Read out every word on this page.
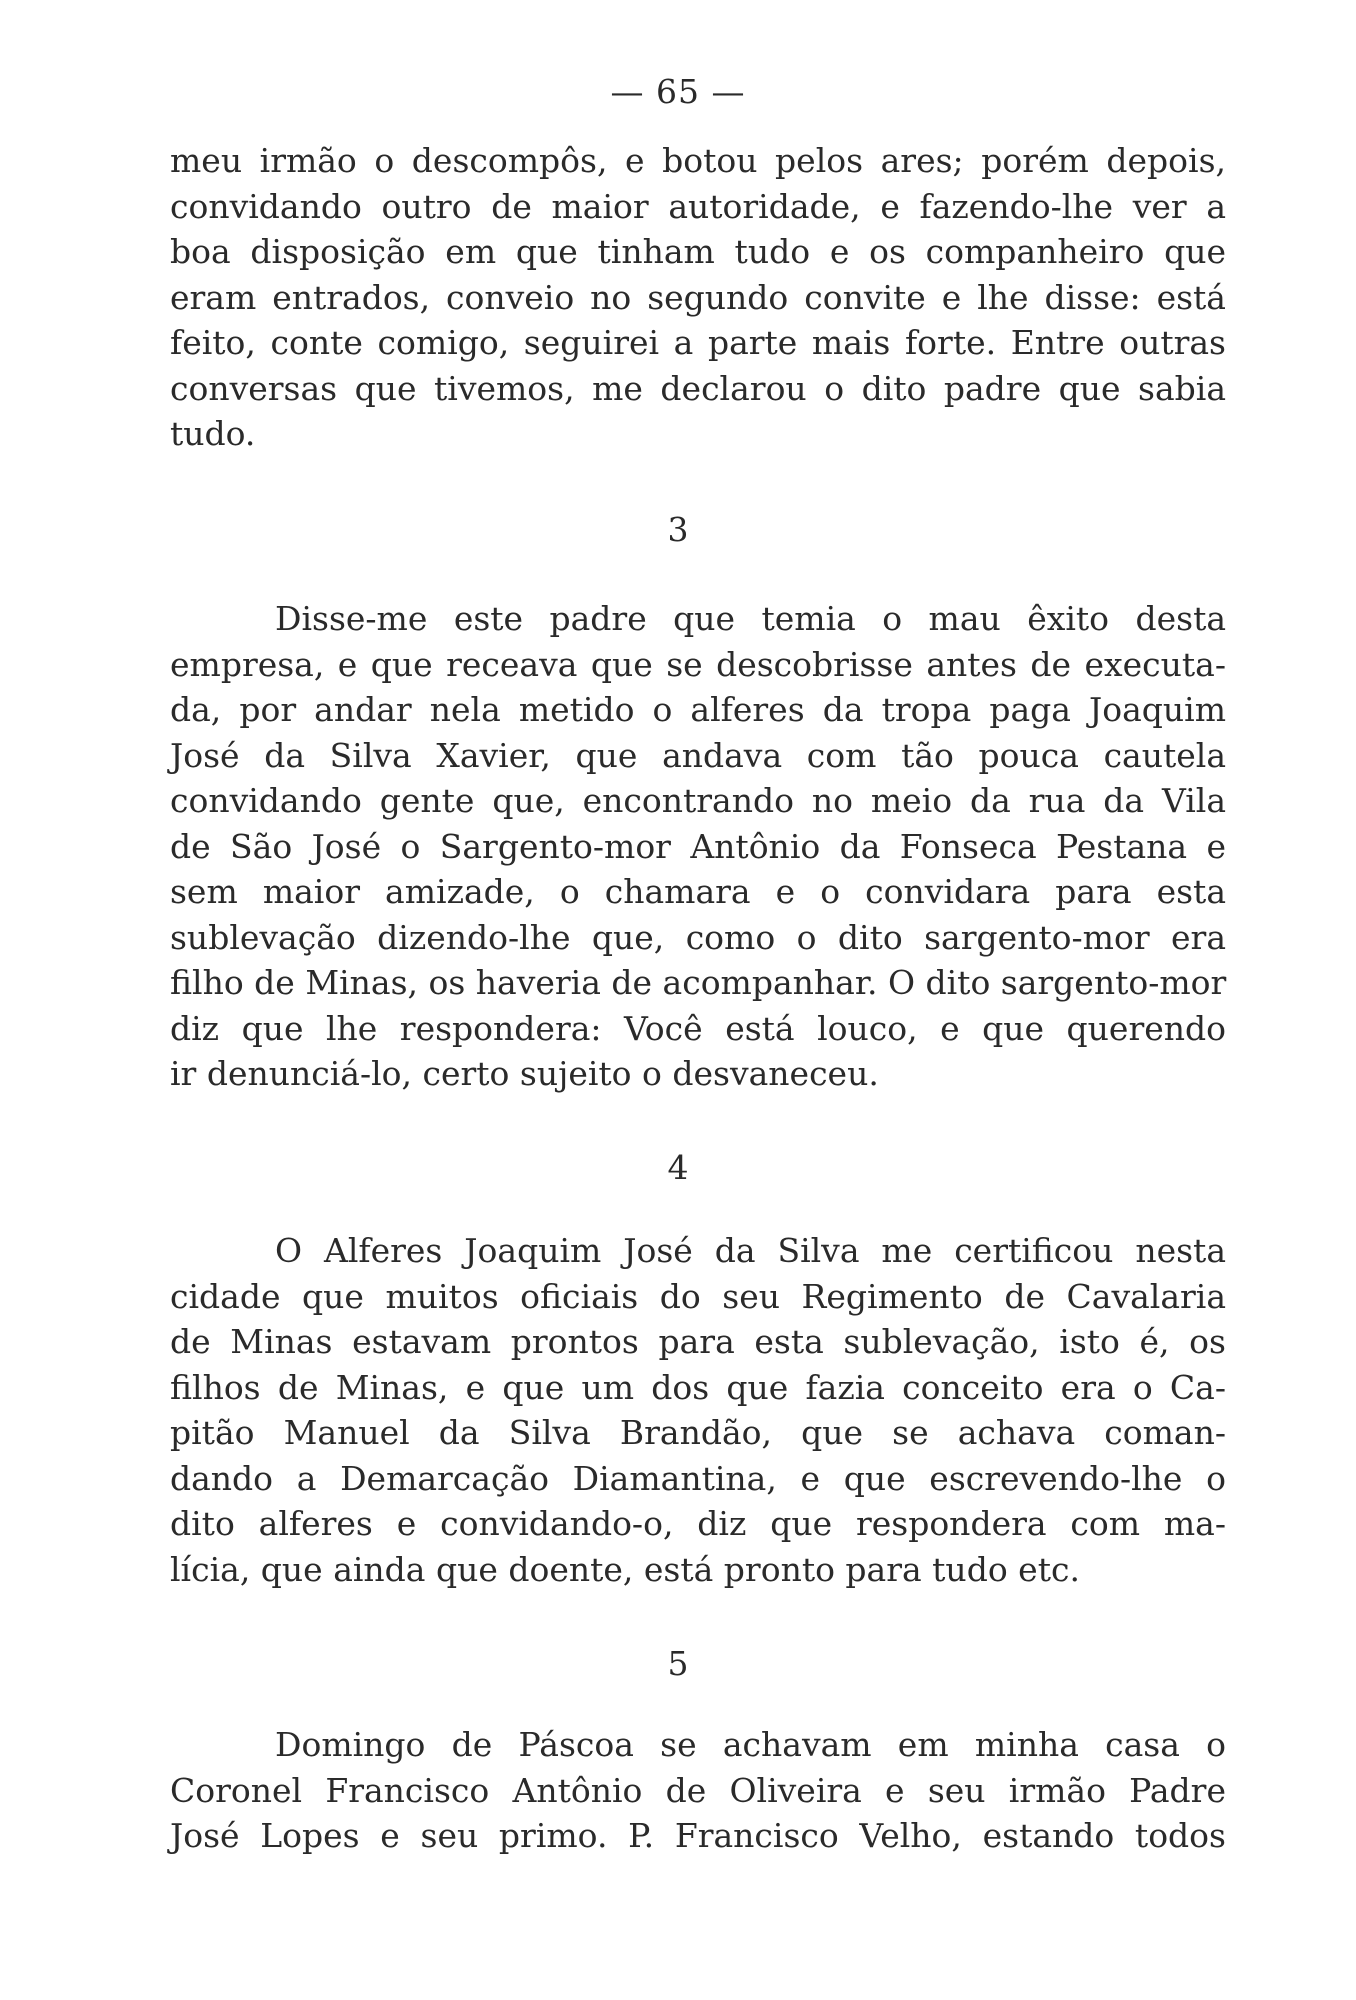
— 65 —
meu irmão o descompôs, e botou pelos ares; porém depois,
convidando outro de maior autoridade, e fazendo-lhe ver a
boa disposição em que tinham tudo e os companheiro que
eram entrados, conveio no segundo convite e lhe disse: está
feito, conte comigo, seguirei a parte mais forte. Entre outras
conversas que tivemos, me declarou o dito padre que sabia
tudo.
3
Disse-me este padre que temia o mau êxito desta
empresa, e que receava que se descobrisse antes de executa-
da, por andar nela metido o alferes da tropa paga Joaquim
José da Silva Xavier, que andava com tão pouca cautela
convidando gente que, encontrando no meio da rua da Vila
de São José o Sargento-mor Antônio da Fonseca Pestana e
sem maior amizade, o chamara e o convidara para esta
sublevação dizendo-lhe que, como o dito sargento-mor era
filho de Minas, os haveria de acompanhar. O dito sargento-mor
diz que lhe respondera: Você está louco, e que querendo
ir denunciá-lo, certo sujeito o desvaneceu.
4
O Alferes Joaquim José da Silva me certificou nesta
cidade que muitos oficiais do seu Regimento de Cavalaria
de Minas estavam prontos para esta sublevação, isto é, os
filhos de Minas, e que um dos que fazia conceito era o Ca-
pitão Manuel da Silva Brandão, que se achava coman-
dando a Demarcação Diamantina, e que escrevendo-lhe o
dito alferes e convidando-o, diz que respondera com ma-
lícia, que ainda que doente, está pronto para tudo etc.
5
Domingo de Páscoa se achavam em minha casa o
Coronel Francisco Antônio de Oliveira e seu irmão Padre
José Lopes e seu primo. P. Francisco Velho, estando todos
